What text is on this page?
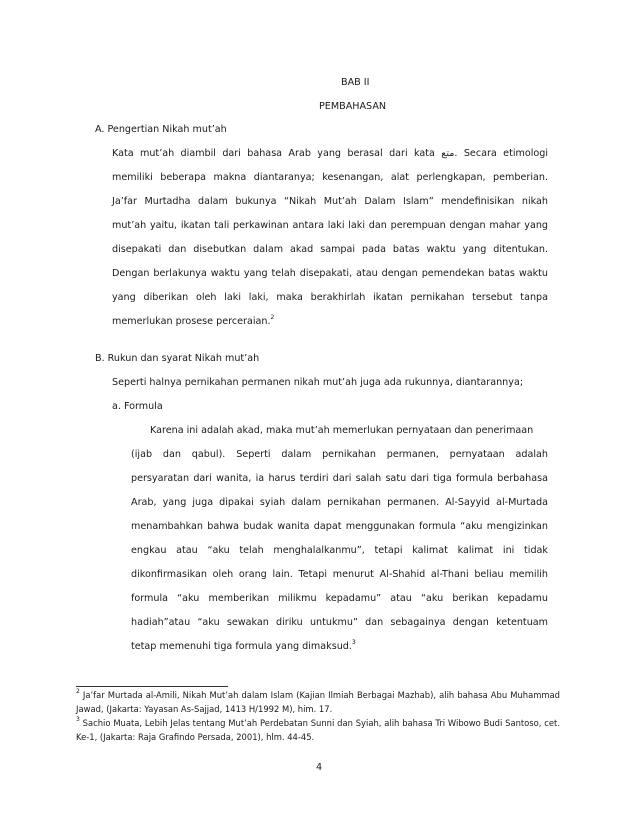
BAB II
PEMBAHASAN
A. Pengertian Nikah mut’ah
Kata mut’ah diambil dari bahasa Arab yang berasal dari kata متع. Secara etimologi
memiliki beberapa makna diantaranya; kesenangan, alat perlengkapan, pemberian.
Ja’far Murtadha dalam bukunya “Nikah Mut’ah Dalam Islam” mendefinisikan nikah
mut’ah yaitu, ikatan tali perkawinan antara laki laki dan perempuan dengan mahar yang
disepakati dan disebutkan dalam akad sampai pada batas waktu yang ditentukan.
Dengan berlakunya waktu yang telah disepakati, atau dengan pemendekan batas waktu
yang diberikan oleh laki laki, maka berakhirlah ikatan pernikahan tersebut tanpa
memerlukan prosese perceraian.$^2$
B. Rukun dan syarat Nikah mut’ah
Seperti halnya pernikahan permanen nikah mut’ah juga ada rukunnya, diantarannya;
a. Formula
Karena ini adalah akad, maka mut’ah memerlukan pernyataan dan penerimaan
(ijab dan qabul). Seperti dalam pernikahan permanen, pernyataan adalah
persyaratan dari wanita, ia harus terdiri dari salah satu dari tiga formula berbahasa
Arab, yang juga dipakai syiah dalam pernikahan permanen. Al-Sayyid al-Murtada
menambahkan bahwa budak wanita dapat menggunakan formula “aku mengizinkan
engkau atau “aku telah menghalalkanmu”, tetapi kalimat kalimat ini tidak
dikonfirmasikan oleh orang lain. Tetapi menurut Al-Shahid al-Thani beliau memilih
formula “aku memberikan milikmu kepadamu” atau “aku berikan kepadamu
hadiah”atau “aku sewakan diriku untukmu” dan sebagainya dengan ketentuam
tetap memenuhi tiga formula yang dimaksud.$^3$
$^2$ Ja’far Murtada al-Amili, Nikah Mut’ah dalam Islam (Kajian Ilmiah Berbagai Mazhab), alih bahasa Abu Muhammad
Jawad, (Jakarta: Yayasan As-Sajjad, 1413 H/1992 M), him. 17.
$^3$ Sachio Muata, Lebih Jelas tentang Mut’ah Perdebatan Sunni dan Syiah, alih bahasa Tri Wibowo Budi Santoso, cet.
Ke-1, (Jakarta: Raja Grafindo Persada, 2001), hlm. 44-45.
4
